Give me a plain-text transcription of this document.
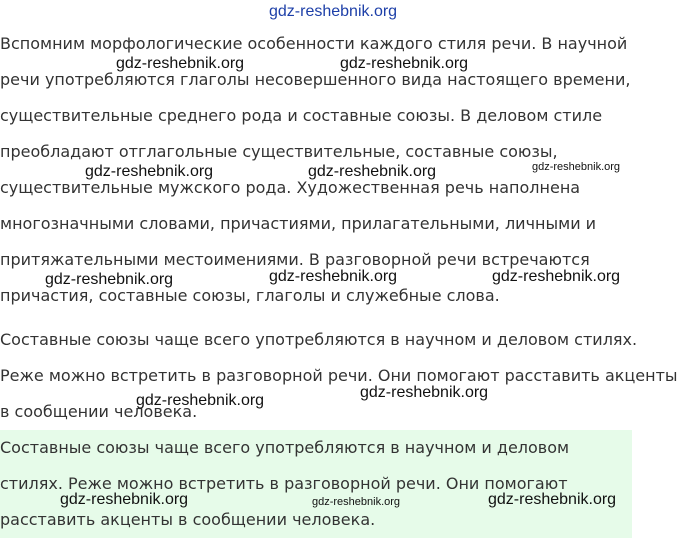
gdz-reshebnik.org
Вспомним морфологические особенности каждого стиля речи. В научной
речи употребляются глаголы несовершенного вида настоящего времени,
существительные среднего рода и составные союзы. В деловом стиле
преобладают отглагольные существительные, составные союзы,
существительные мужского рода. Художественная речь наполнена
многозначными словами, причастиями, прилагательными, личными и
притяжательными местоимениями. В разговорной речи встречаются
причастия, составные союзы, глаголы и служебные слова.
Составные союзы чаще всего употребляются в научном и деловом стилях.
Реже можно встретить в разговорной речи. Они помогают расставить акценты
в сообщении человека.
Составные союзы чаще всего употребляются в научном и деловом
стилях. Реже можно встретить в разговорной речи. Они помогают
расставить акценты в сообщении человека.
gdz-reshebnik.org	gdz-reshebnik.org
gdz-reshebnik.org	gdz-reshebnik.org	gdz-reshebnik.org
gdz-reshebnik.org	gdz-reshebnik.org	gdz-reshebnik.org
gdz-reshebnik.org	gdz-reshebnik.org
gdz-reshebnik.org	gdz-reshebnik.org	gdz-reshebnik.org
